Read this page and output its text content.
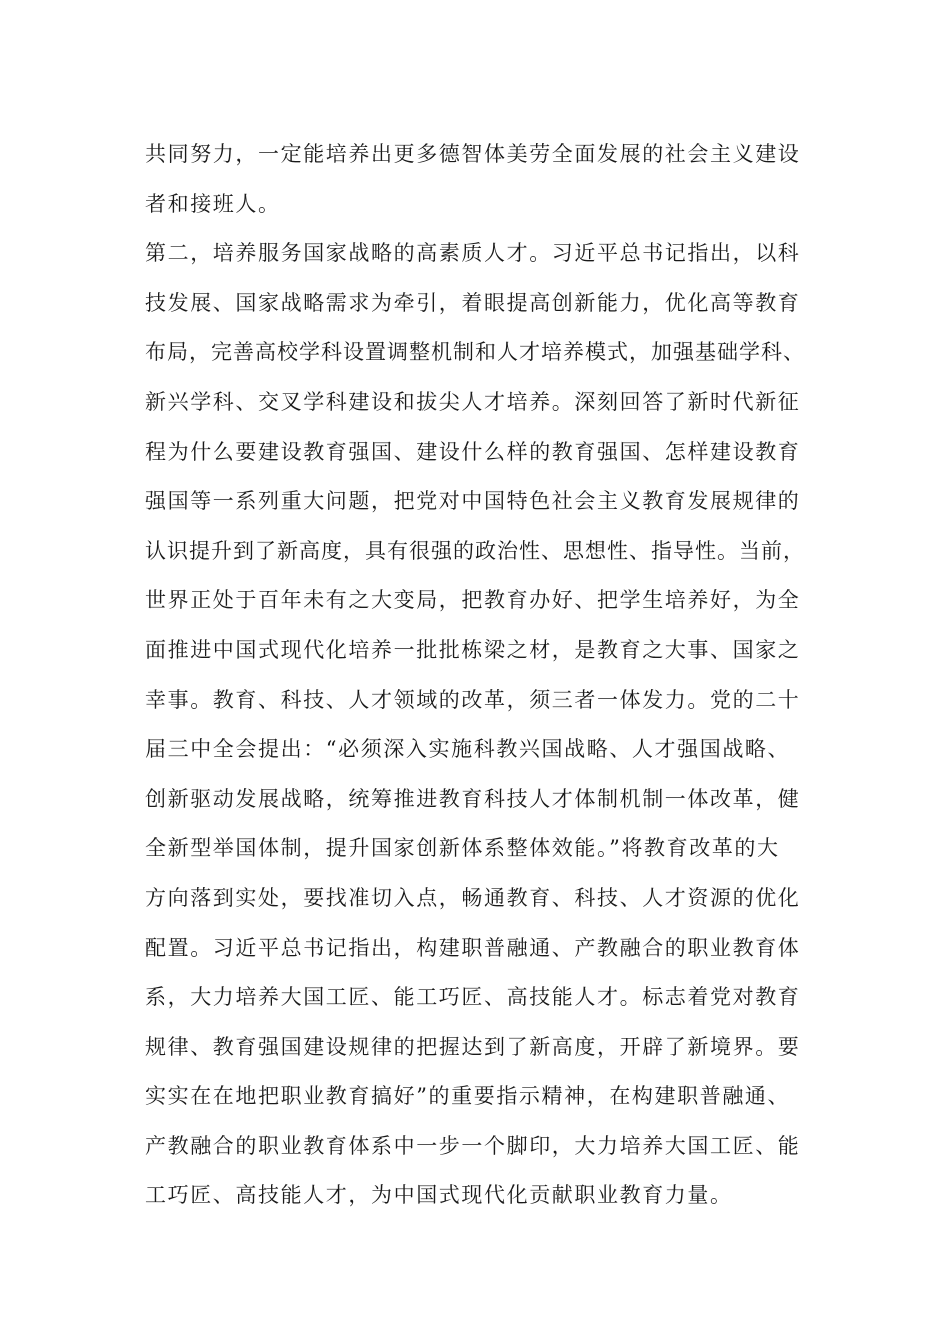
共同努力，一定能培养出更多德智体美劳全面发展的社会主义建设
者和接班人。
第二，培养服务国家战略的高素质人才。习近平总书记指出，以科
技发展、国家战略需求为牵引，着眼提高创新能力，优化高等教育
布局，完善高校学科设置调整机制和人才培养模式，加强基础学科、
新兴学科、交叉学科建设和拔尖人才培养。深刻回答了新时代新征
程为什么要建设教育强国、建设什么样的教育强国、怎样建设教育
强国等一系列重大问题，把党对中国特色社会主义教育发展规律的
认识提升到了新高度，具有很强的政治性、思想性、指导性。当前，
世界正处于百年未有之大变局，把教育办好、把学生培养好，为全
面推进中国式现代化培养一批批栋梁之材，是教育之大事、国家之
幸事。教育、科技、人才领域的改革，须三者一体发力。党的二十
届三中全会提出：“必须深入实施科教兴国战略、人才强国战略、
创新驱动发展战略，统筹推进教育科技人才体制机制一体改革，健
全新型举国体制，提升国家创新体系整体效能。”将教育改革的大
方向落到实处，要找准切入点，畅通教育、科技、人才资源的优化
配置。习近平总书记指出，构建职普融通、产教融合的职业教育体
系，大力培养大国工匠、能工巧匠、高技能人才。标志着党对教育
规律、教育强国建设规律的把握达到了新高度，开辟了新境界。要
实实在在地把职业教育搞好”的重要指示精神，在构建职普融通、
产教融合的职业教育体系中一步一个脚印，大力培养大国工匠、能
工巧匠、高技能人才，为中国式现代化贡献职业教育力量。
